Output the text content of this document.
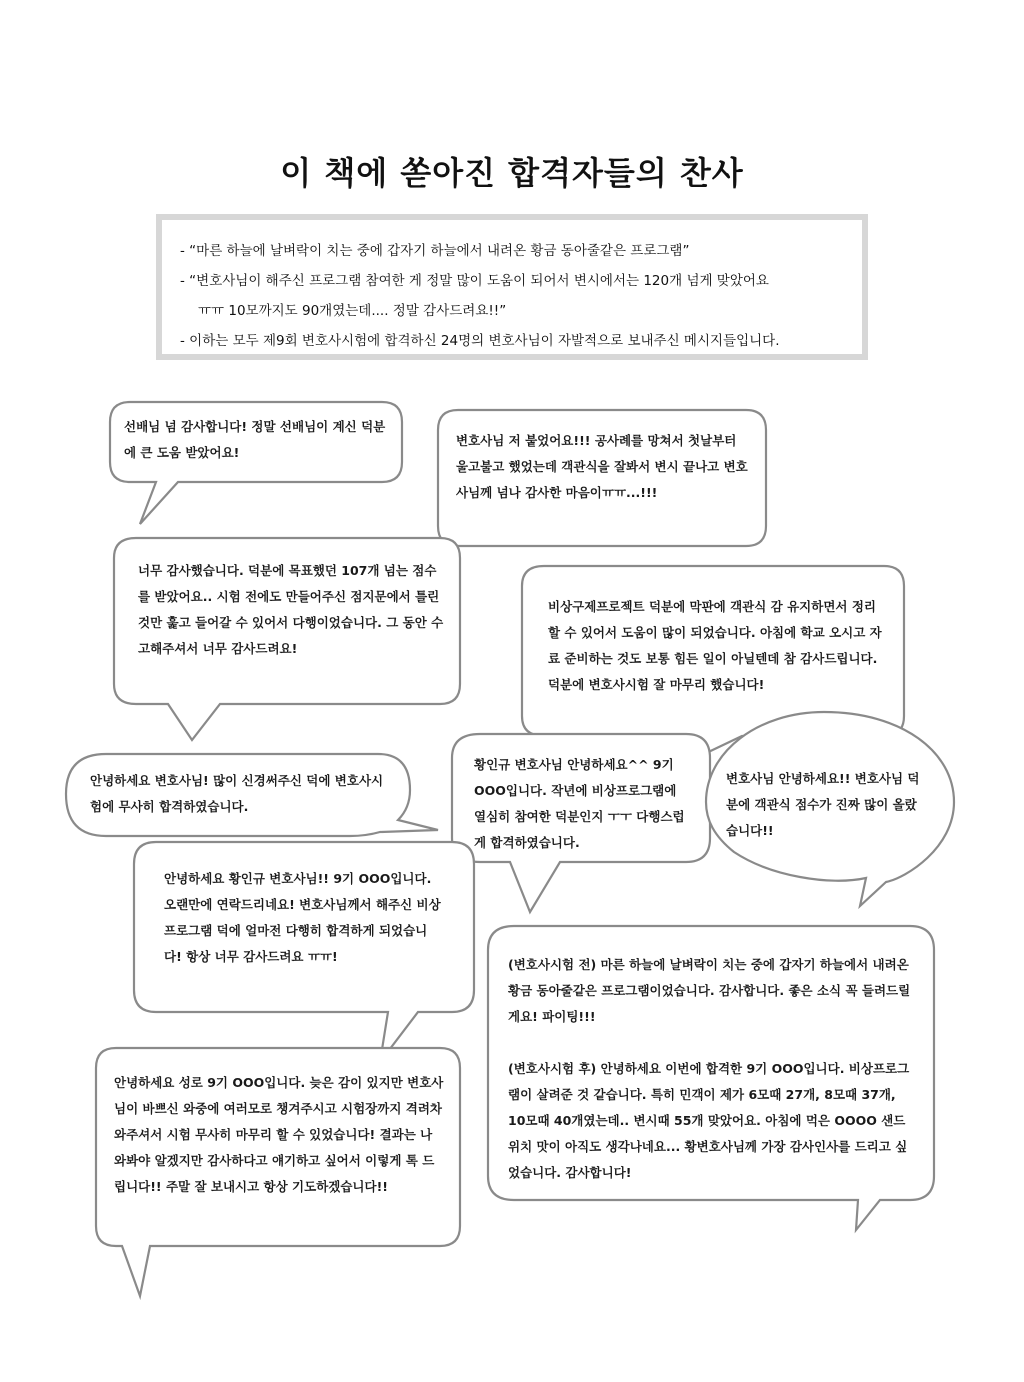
이 책에 쏟아진 합격자들의 찬사

- “마른 하늘에 날벼락이 치는 중에 갑자기 하늘에서 내려온 황금 동아줄같은 프로그램”

- “변호사님이 해주신 프로그램 참여한 게 정말 많이 도움이 되어서 변시에서는 120개 넘게 맞았어요

ㅠㅠ 10모까지도 90개였는데.... 정말 감사드려요!!”

- 이하는 모두 제9회 변호사시험에 합격하신 24명의 변호사님이 자발적으로 보내주신 메시지들입니다.

선배님 넘 감사합니다! 정말 선배님이 계신 덕분에 큰 도움 받았어요!

변호사님 저 붙었어요!!! 공사례를 망쳐서 첫날부터 울고불고 했었는데 객관식을 잘봐서 변시 끝나고 변호사님께 넘나 감사한 마음이ㅠㅠ...!!!

너무 감사했습니다. 덕분에 목표했던 107개 넘는 점수를 받았어요.. 시험 전에도 만들어주신 점지문에서 틀린 것만 훑고 들어갈 수 있어서 다행이었습니다. 그 동안 수고해주셔서 너무 감사드려요!

비상구제프로젝트 덕분에 막판에 객관식 감 유지하면서 정리할 수 있어서 도움이 많이 되었습니다. 아침에 학교 오시고 자료 준비하는 것도 보통 힘든 일이 아닐텐데 참 감사드립니다. 덕분에 변호사시험 잘 마무리 했습니다!

안녕하세요 변호사님! 많이 신경써주신 덕에 변호사시험에 무사히 합격하였습니다.

황인규 변호사님 안녕하세요^^ 9기 OOO입니다. 작년에 비상프로그램에 열심히 참여한 덕분인지 ㅜㅜ 다행스럽게 합격하였습니다.

변호사님 안녕하세요!! 변호사님 덕분에 객관식 점수가 진짜 많이 올랐습니다!!

안녕하세요 황인규 변호사님!! 9기 OOO입니다. 오랜만에 연락드리네요! 변호사님께서 해주신 비상프로그램 덕에 얼마전 다행히 합격하게 되었습니다! 항상 너무 감사드려요 ㅠㅠ!

(변호사시험 전) 마른 하늘에 날벼락이 치는 중에 갑자기 하늘에서 내려온 황금 동아줄같은 프로그램이었습니다. 감사합니다. 좋은 소식 꼭 들려드릴게요! 파이팅!!!

(변호사시험 후) 안녕하세요 이번에 합격한 9기 OOO입니다. 비상프로그램이 살려준 것 같습니다. 특히 민객이 제가 6모때 27개, 8모때 37개, 10모때 40개였는데.. 변시때 55개 맞았어요. 아침에 먹은 OOOO 샌드위치 맛이 아직도 생각나네요... 황변호사님께 가장 감사인사를 드리고 싶었습니다. 감사합니다!

안녕하세요 성로 9기 OOO입니다. 늦은 감이 있지만 변호사님이 바쁘신 와중에 여러모로 챙겨주시고 시험장까지 격려차 와주셔서 시험 무사히 마무리 할 수 있었습니다! 결과는 나와봐야 알겠지만 감사하다고 얘기하고 싶어서 이렇게 톡 드립니다!! 주말 잘 보내시고 항상 기도하겠습니다!!
